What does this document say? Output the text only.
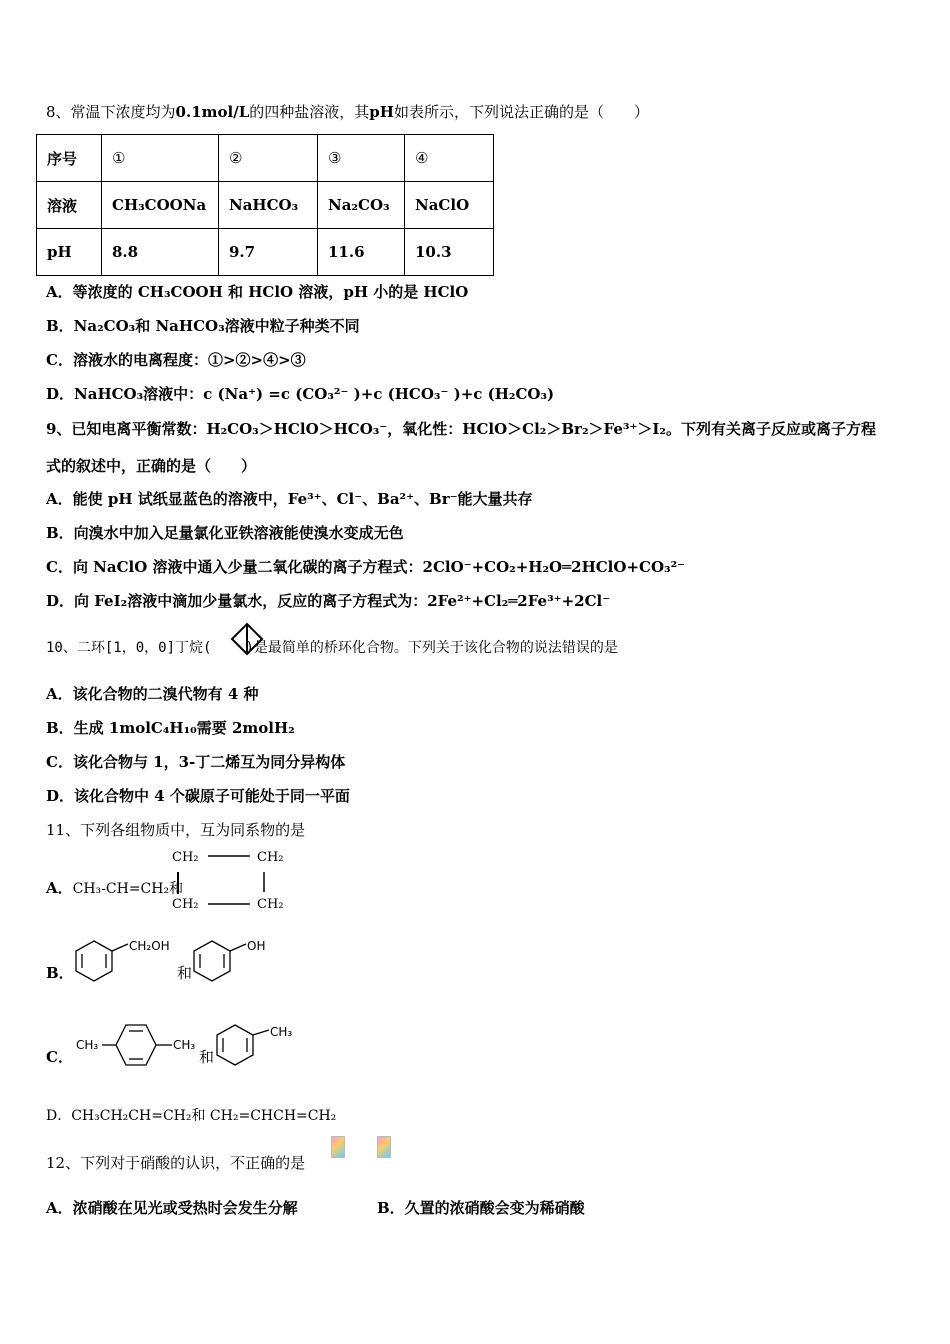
8、常温下浓度均为0.1mol/L的四种盐溶液，其pH如表所示，下列说法正确的是（　　）
序号	①	②	③	④
溶液	CH₃COONa	NaHCO₃	Na₂CO₃	NaClO
pH	8.8	9.7	11.6	10.3
A．等浓度的 CH₃COOH 和 HClO 溶液，pH 小的是 HClO
B．Na₂CO₃和 NaHCO₃溶液中粒子种类不同
C．溶液水的电离程度：①>②>④>③
D．NaHCO₃溶液中：c (Na⁺) =c (CO₃²⁻ )+c (HCO₃⁻ )+c (H₂CO₃)
9、已知电离平衡常数：H₂CO₃＞HClO＞HCO₃⁻，氧化性：HClO＞Cl₂＞Br₂＞Fe³⁺＞I₂。下列有关离子反应或离子方程
式的叙述中，正确的是（　　）
A．能使 pH 试纸显蓝色的溶液中，Fe³⁺、Cl⁻、Ba²⁺、Br⁻能大量共存
B．向溴水中加入足量氯化亚铁溶液能使溴水变成无色
C．向 NaClO 溶液中通入少量二氧化碳的离子方程式：2ClO⁻+CO₂+H₂O═2HClO+CO₃²⁻
D．向 FeI₂溶液中滴加少量氯水，反应的离子方程式为：2Fe²⁺+Cl₂═2Fe³⁺+2Cl⁻
10、二环[1，0，0]丁烷( )是最简单的桥环化合物。下列关于该化合物的说法错误的是
A．该化合物的二溴代物有 4 种
B．生成 1molC₄H₁₀需要 2molH₂
C．该化合物与 1，3-丁二烯互为同分异构体
D．该化合物中 4 个碳原子可能处于同一平面
11、下列各组物质中，互为同系物的是
A．CH₃-CH=CH₂和
CH₂	CH₂
CH₂	CH₂
B．
CH₂OH
和
OH
C．
CH₃	CH₃
和
CH₃
D．CH₃CH₂CH=CH₂和 CH₂=CHCH=CH₂
12、下列对于硝酸的认识，不正确的是
A．浓硝酸在见光或受热时会发生分解	B．久置的浓硝酸会变为稀硝酸
